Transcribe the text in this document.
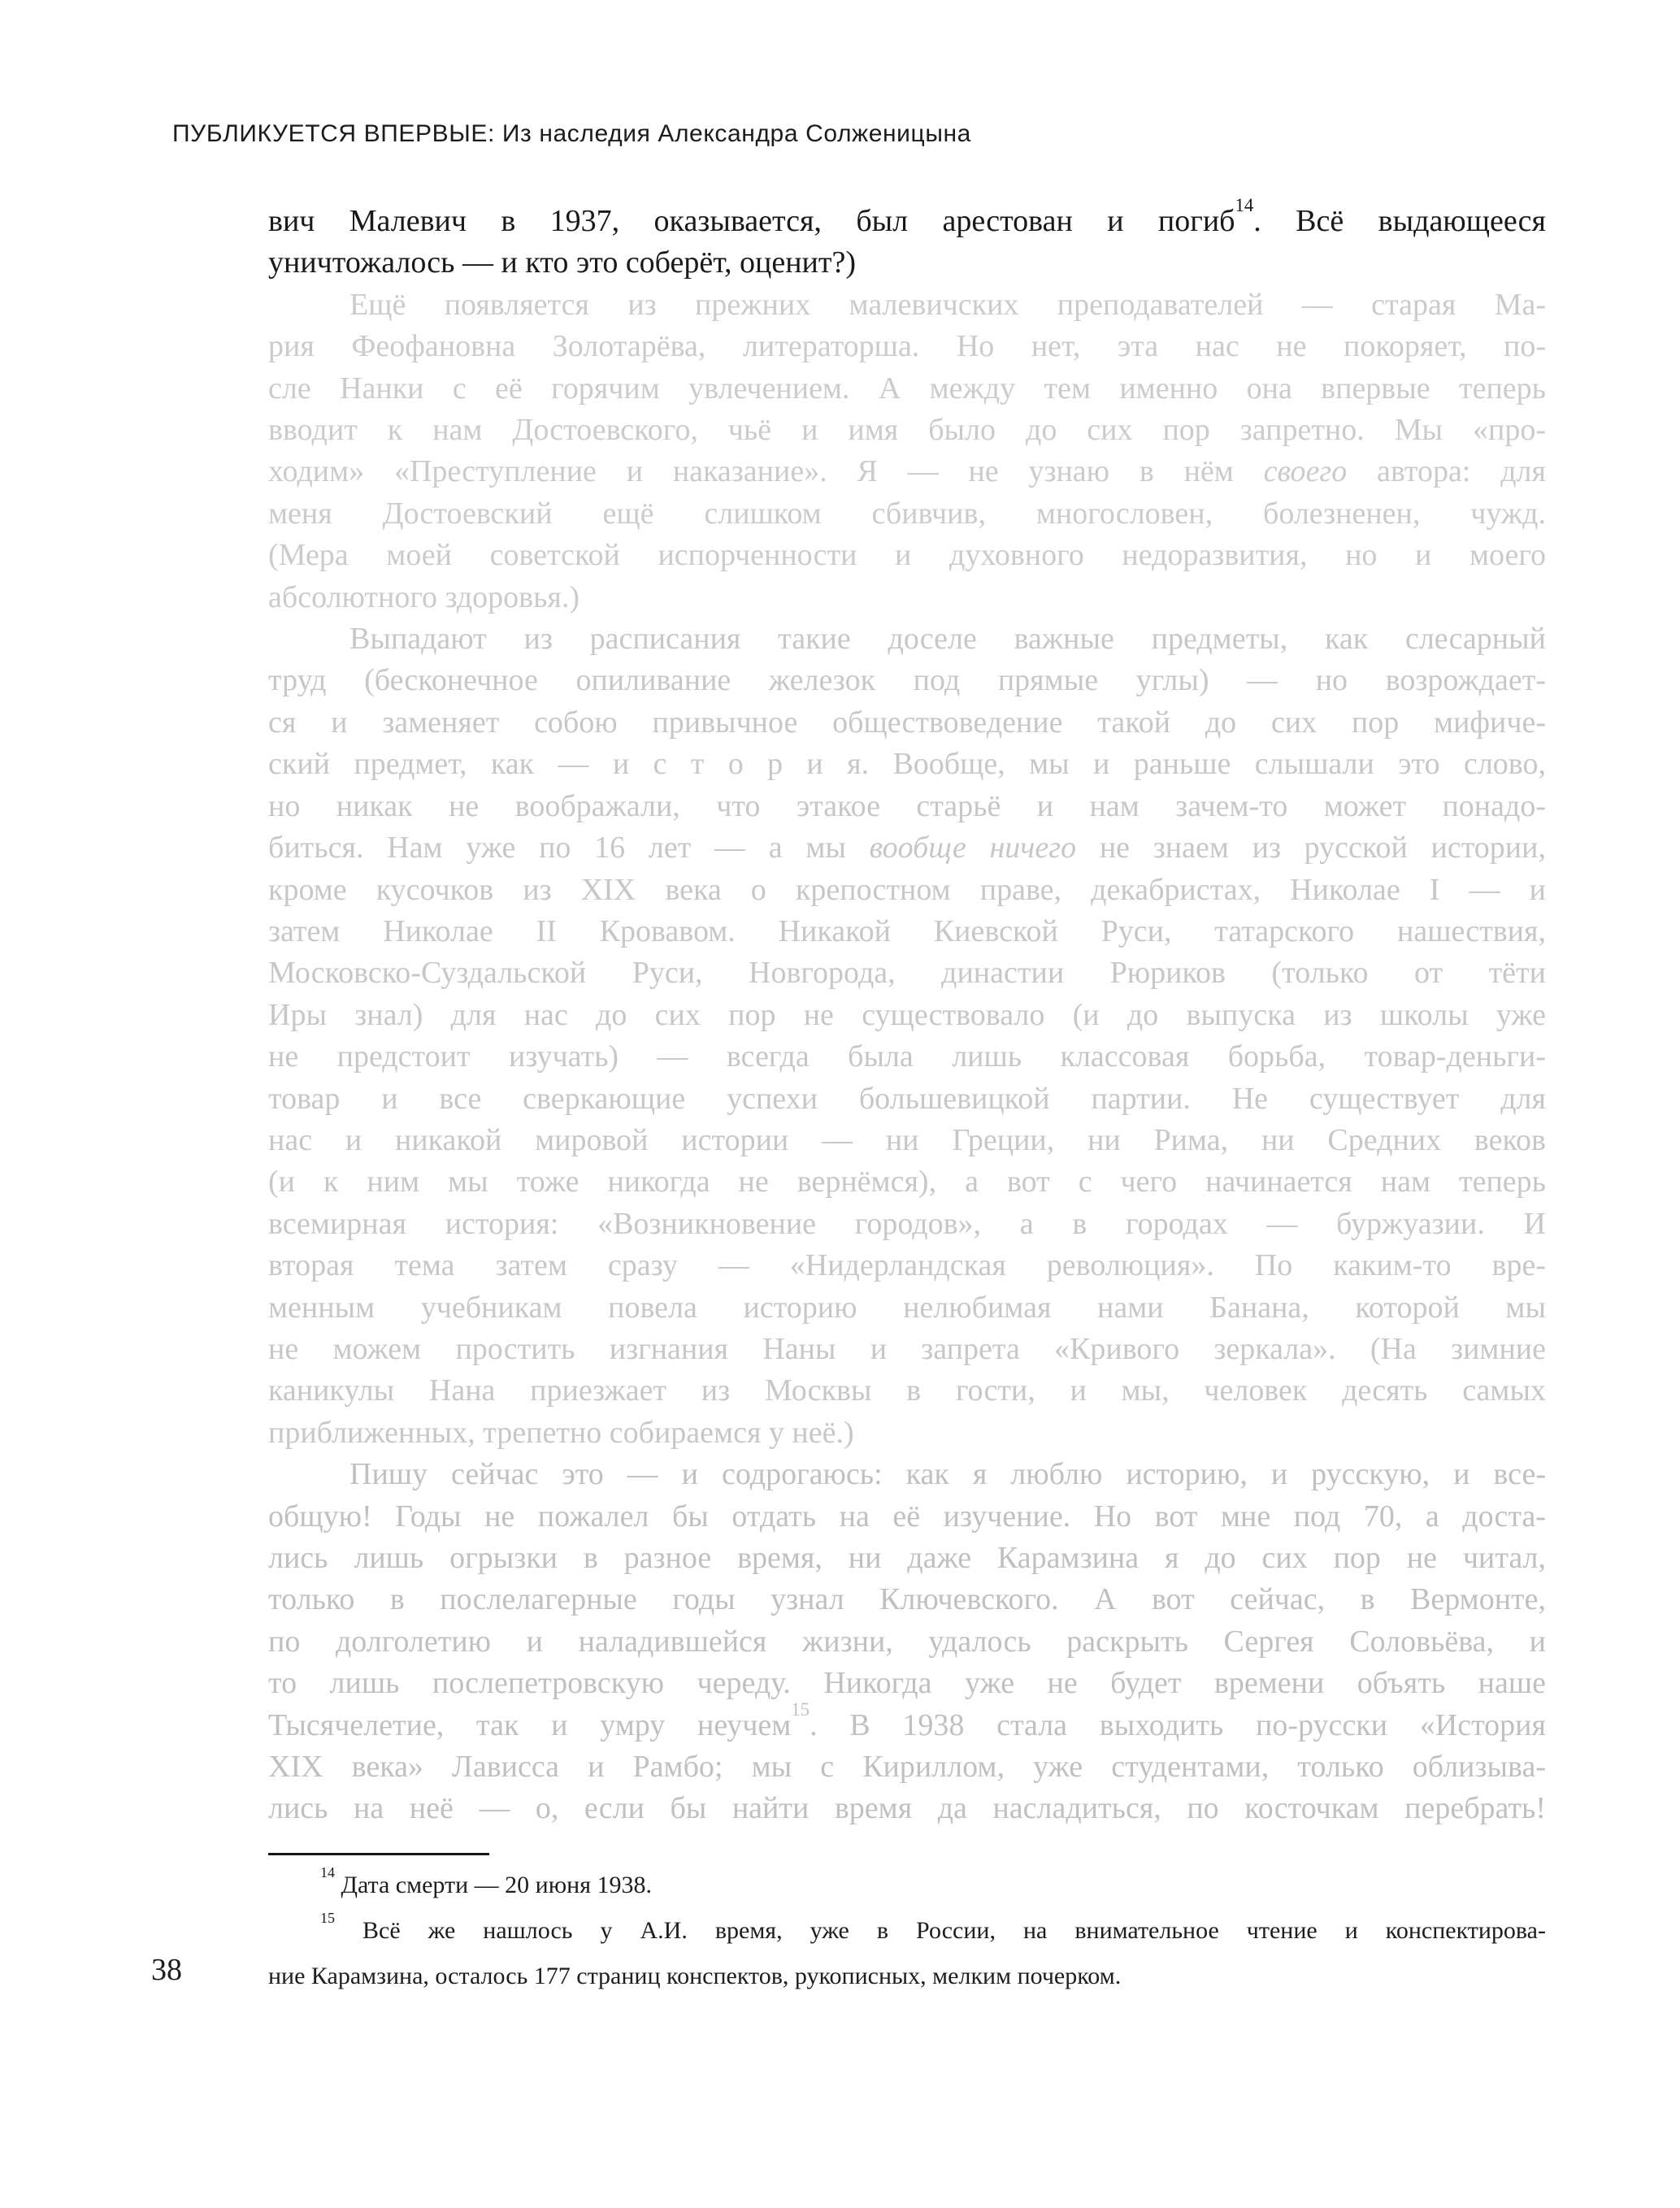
ПУБЛИКУЕТСЯ ВПЕРВЫЕ: Из наследия Александра Солженицына
вич Малевич в 1937, оказывается, был арестован и погиб$^{14}$. Всё выдающееся
уничтожалось — и кто это соберёт, оценит?)
Ещё появляется из прежних малевичских преподавателей — старая Ма-
рия Феофановна Золотарёва, литераторша. Но нет, эта нас не покоряет, по-
сле Нанки с её горячим увлечением. А между тем именно она впервые теперь
вводит к нам Достоевского, чьё и имя было до сих пор запретно. Мы «про-
ходим» «Преступление и наказание». Я — не узнаю в нём своего автора: для
меня Достоевский ещё слишком сбивчив, многословен, болезненен, чужд.
(Мера моей советской испорченности и духовного недоразвития, но и моего
абсолютного здоровья.)
Выпадают из расписания такие доселе важные предметы, как слесарный
труд (бесконечное опиливание железок под прямые углы) — но возрождает-
ся и заменяет собою привычное обществоведение такой до сих пор мифиче-
ский предмет, как — и с т о р и я. Вообще, мы и раньше слышали это слово,
но никак не воображали, что этакое старьё и нам зачем-то может понадо-
биться. Нам уже по 16 лет — а мы вообще ничего не знаем из русской истории,
кроме кусочков из XIX века о крепостном праве, декабристах, Николае I — и
затем Николае II Кровавом. Никакой Киевской Руси, татарского нашествия,
Московско-Суздальской Руси, Новгорода, династии Рюриков (только от тёти
Иры знал) для нас до сих пор не существовало (и до выпуска из школы уже
не предстоит изучать) — всегда была лишь классовая борьба, товар-деньги-
товар и все сверкающие успехи большевицкой партии. Не существует для
нас и никакой мировой истории — ни Греции, ни Рима, ни Средних веков
(и к ним мы тоже никогда не вернёмся), а вот с чего начинается нам теперь
всемирная история: «Возникновение городов», а в городах — буржуазии. И
вторая тема затем сразу — «Нидерландская революция». По каким-то вре-
менным учебникам повела историю нелюбимая нами Банана, которой мы
не можем простить изгнания Наны и запрета «Кривого зеркала». (На зимние
каникулы Нана приезжает из Москвы в гости, и мы, человек десять самых
приближенных, трепетно собираемся у неё.)
Пишу сейчас это — и содрогаюсь: как я люблю историю, и русскую, и все-
общую! Годы не пожалел бы отдать на её изучение. Но вот мне под 70, а доста-
лись лишь огрызки в разное время, ни даже Карамзина я до сих пор не читал,
только в послелагерные годы узнал Ключевского. А вот сейчас, в Вермонте,
по долголетию и наладившейся жизни, удалось раскрыть Сергея Соловьёва, и
то лишь послепетровскую череду. Никогда уже не будет времени объять наше
Тысячелетие, так и умру неучем$^{15}$. В 1938 стала выходить по-русски «История
XIX века» Лависса и Рамбо; мы с Кириллом, уже студентами, только облизыва-
лись на неё — о, если бы найти время да насладиться, по косточкам перебрать!
$^{14}$ Дата смерти — 20 июня 1938.
$^{15}$ Всё же нашлось у А.И. время, уже в России, на внимательное чтение и конспектирова-
ние Карамзина, осталось 177 страниц конспектов, рукописных, мелким почерком.
38
